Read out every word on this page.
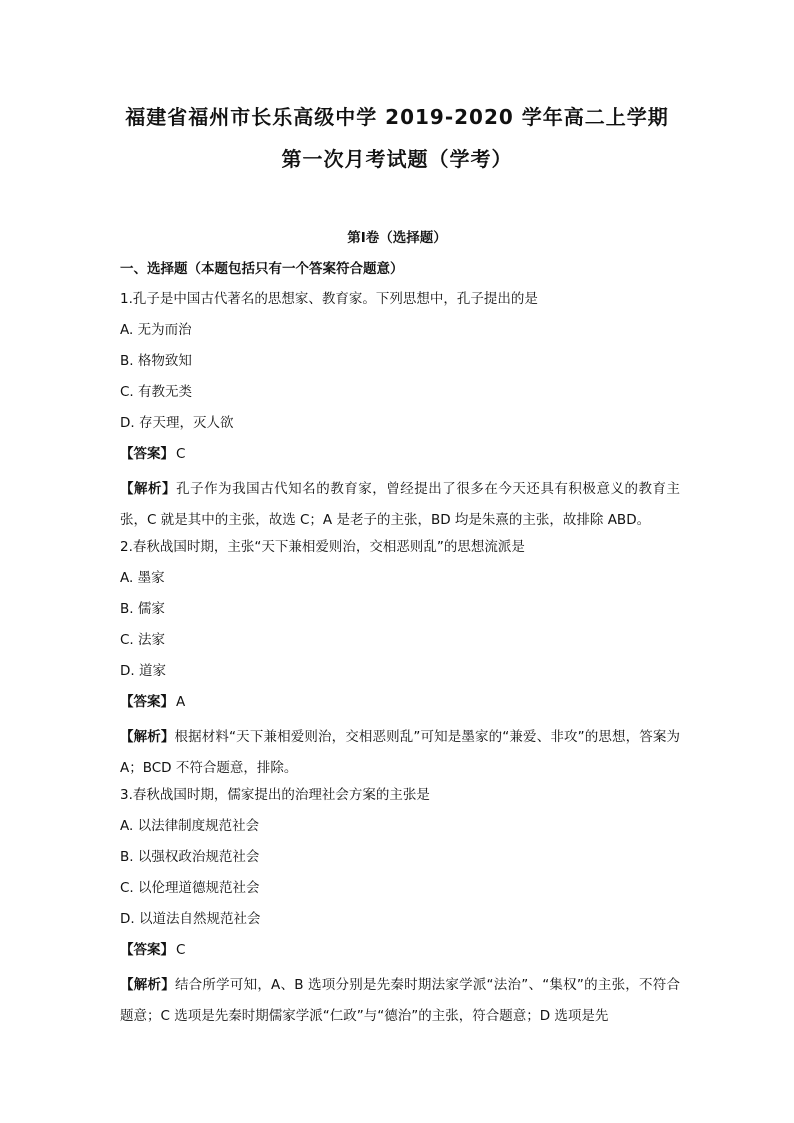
福建省福州市长乐高级中学 2019-2020 学年高二上学期
第一次月考试题（学考）
第Ⅰ卷（选择题）
一、选择题（本题包括只有一个答案符合题意）
1.孔子是中国古代著名的思想家、教育家。下列思想中，孔子提出的是
A. 无为而治
B. 格物致知
C. 有教无类
D. 存天理，灭人欲
【答案】 C
【解析】孔子作为我国古代知名的教育家，曾经提出了很多在今天还具有积极意义的教育主张，C 就是其中的主张，故选 C；A 是老子的主张，BD 均是朱熹的主张，故排除 ABD。
2.春秋战国时期，主张“天下兼相爱则治，交相恶则乱”的思想流派是
A. 墨家
B. 儒家
C. 法家
D. 道家
【答案】 A
【解析】根据材料“天下兼相爱则治，交相恶则乱”可知是墨家的“兼爱、非攻”的思想，答案为 A；BCD 不符合题意，排除。
3.春秋战国时期，儒家提出的治理社会方案的主张是
A. 以法律制度规范社会
B. 以强权政治规范社会
C. 以伦理道德规范社会
D. 以道法自然规范社会
【答案】 C
【解析】结合所学可知，A、B 选项分别是先秦时期法家学派“法治”、“集权”的主张，不符合题意；C 选项是先秦时期儒家学派“仁政”与“德治”的主张，符合题意；D 选项是先
